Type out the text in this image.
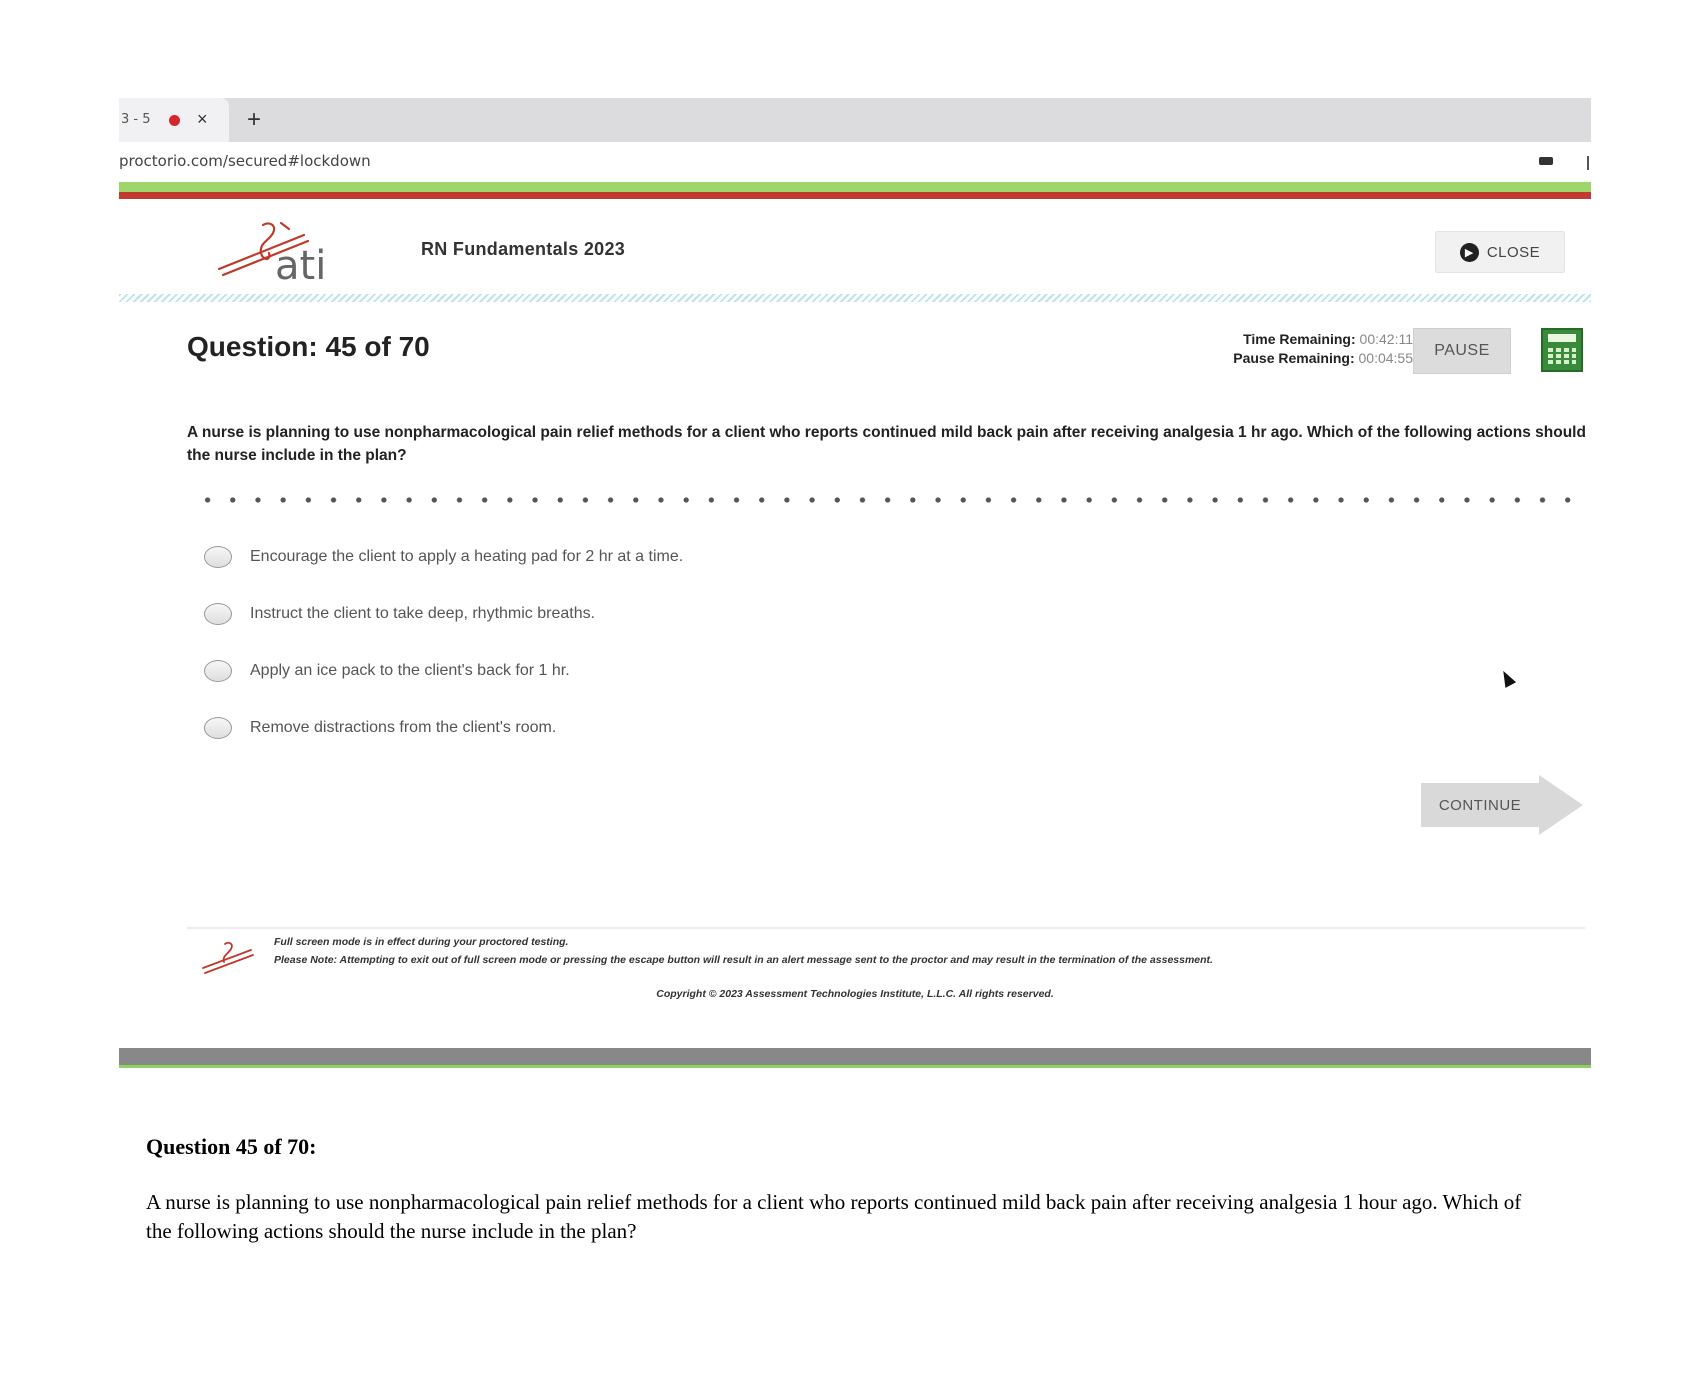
3 - 5	× +
proctorio.com/secured#lockdown
ati	RN Fundamentals 2023	▶ CLOSE
Question: 45 of 70	Time Remaining: 00:42:11
Pause Remaining: 00:04:55	PAUSE
A nurse is planning to use nonpharmacological pain relief methods for a client who reports continued mild back pain after receiving analgesia 1 hr ago. Which of the following actions should the nurse include in the plan?
Encourage the client to apply a heating pad for 2 hr at a time.
Instruct the client to take deep, rhythmic breaths.
Apply an ice pack to the client's back for 1 hr.
Remove distractions from the client's room.
CONTINUE
Full screen mode is in effect during your proctored testing.
Please Note: Attempting to exit out of full screen mode or pressing the escape button will result in an alert message sent to the proctor and may result in the termination of the assessment.
Copyright © 2023 Assessment Technologies Institute, L.L.C. All rights reserved.
Question 45 of 70:
A nurse is planning to use nonpharmacological pain relief methods for a client who reports continued mild back pain after receiving analgesia 1 hour ago. Which of the following actions should the nurse include in the plan?
